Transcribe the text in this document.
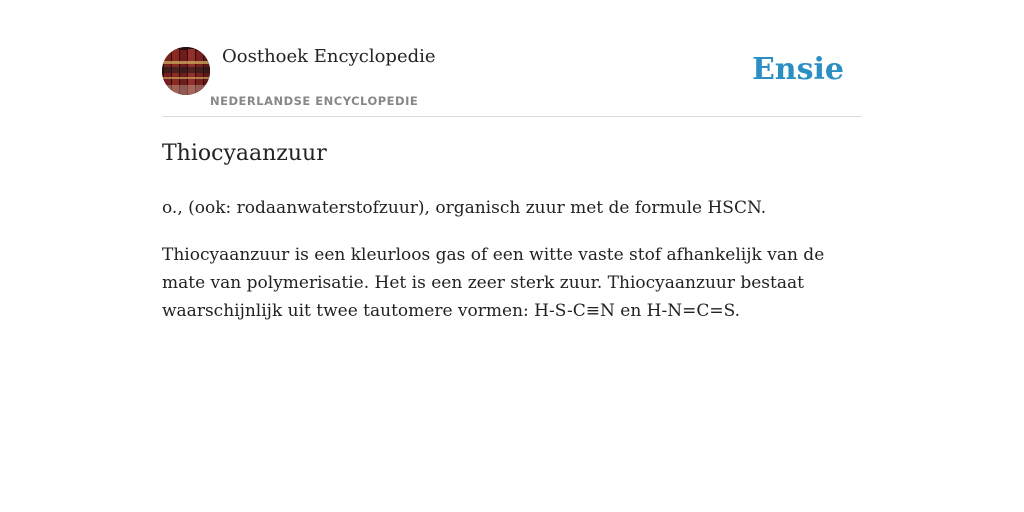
Oosthoek Encyclopedie
NEDERLANDSE ENCYCLOPEDIE
Ensie
Thiocyaanzuur

o., (ook: rodaanwaterstofzuur), organisch zuur met de formule HSCN.

Thiocyaanzuur is een kleurloos gas of een witte vaste stof afhankelijk van de mate van polymerisatie. Het is een zeer sterk zuur. Thiocyaanzuur bestaat waarschijnlijk uit twee tautomere vormen: H-S-C≡N en H-N=C=S.
